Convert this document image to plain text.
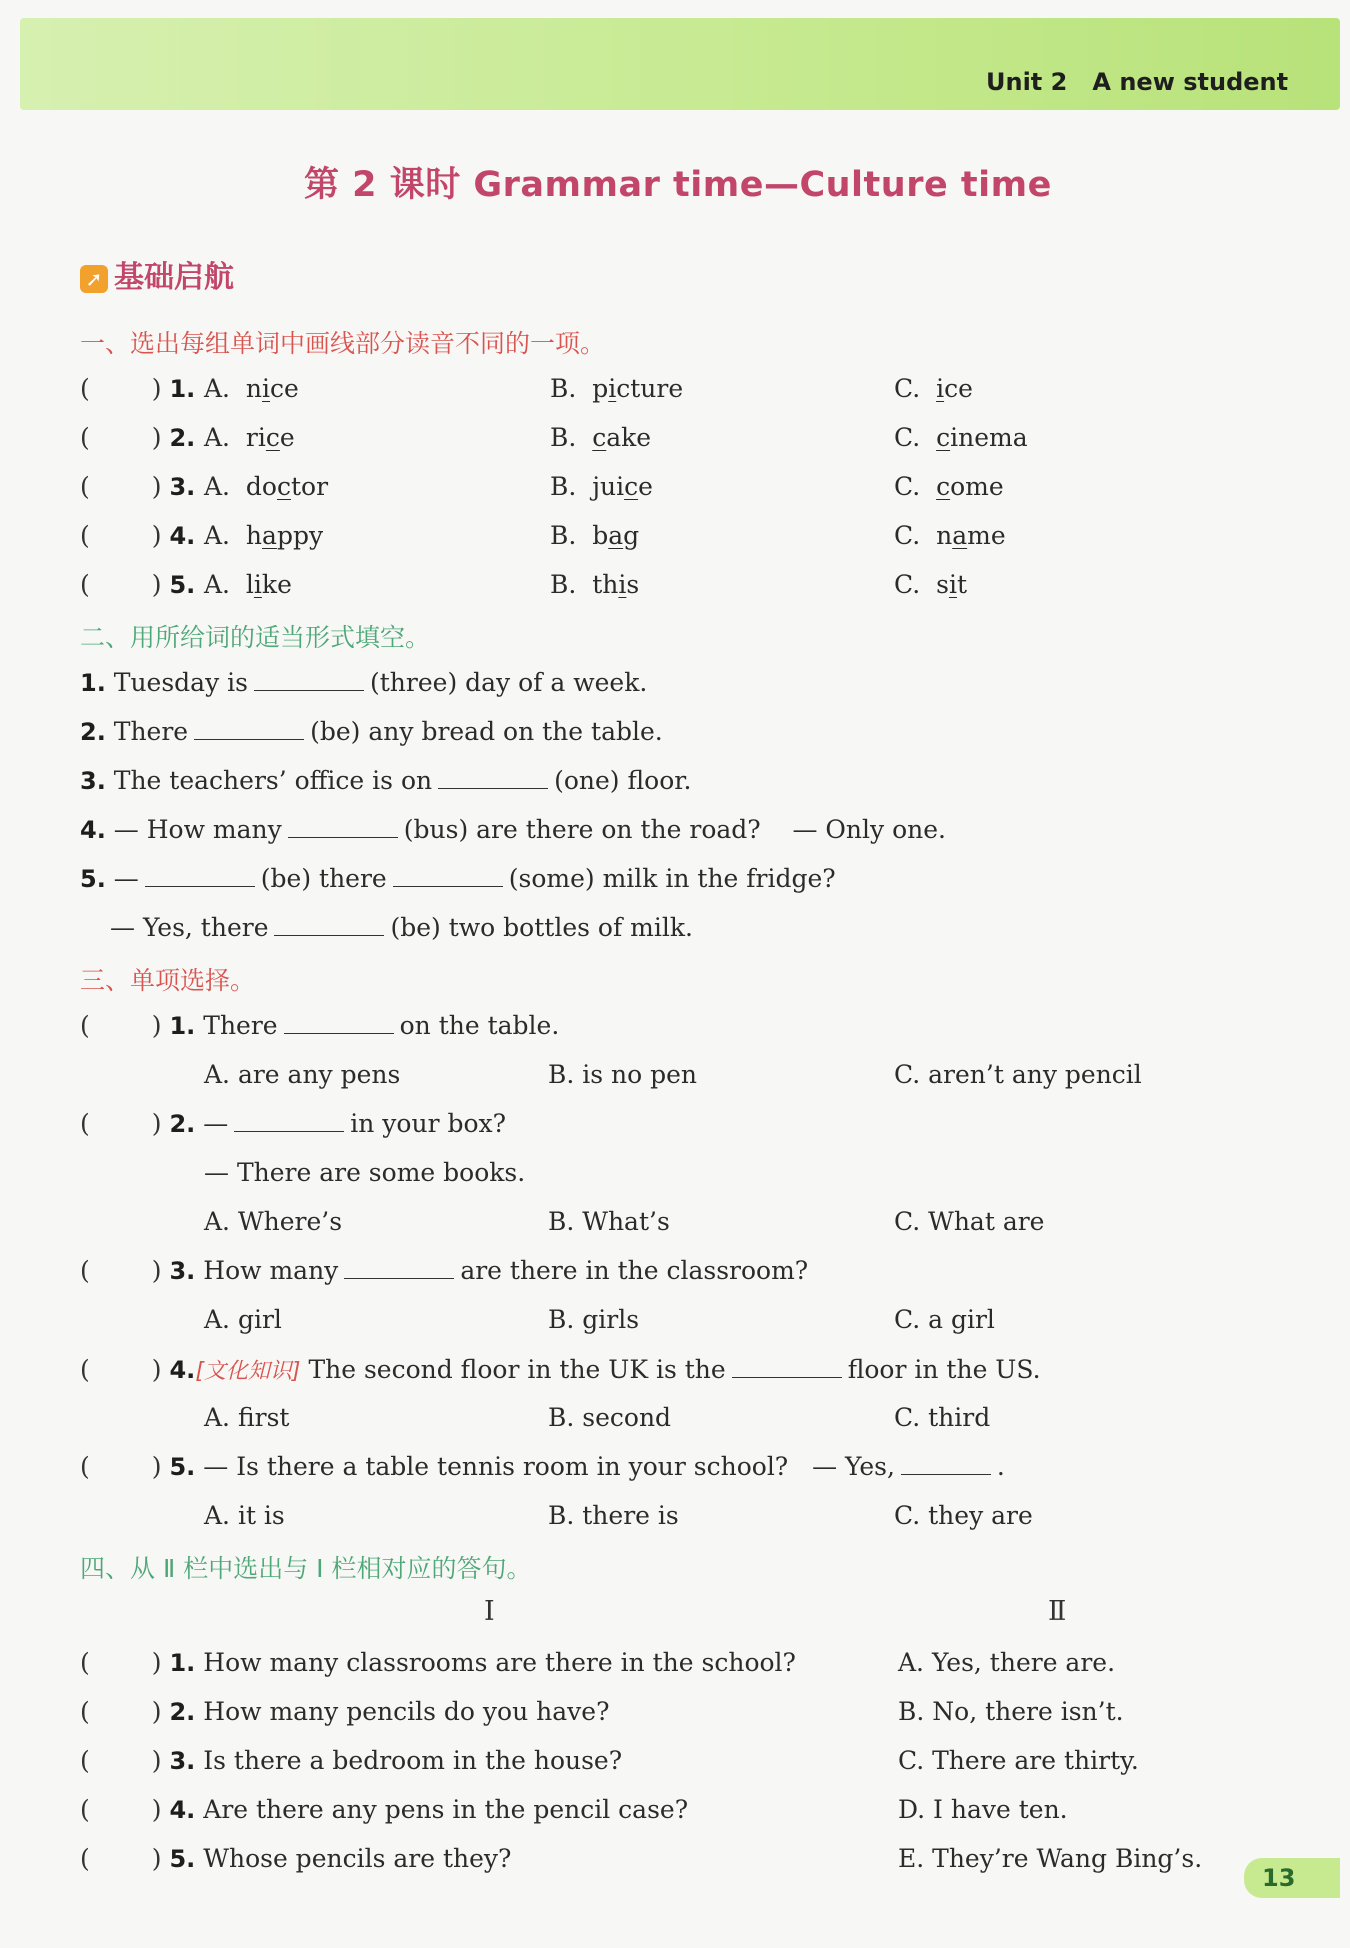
Unit 2 A new student
第 2 课时 Grammar time—Culture time
➚ 基础启航
一、选出每组单词中画线部分读音不同的一项。
( ) 1. A. nice	B. picture	C. ice
( ) 2. A. rice	B. cake	C. cinema
( ) 3. A. doctor	B. juice	C. come
( ) 4. A. happy	B. bag	C. name
( ) 5. A. like	B. this	C. sit
二、用所给词的适当形式填空。
1. Tuesday is	(three) day of a week.
2. There	(be) any bread on the table.
3. The teachers’ office is on	(one) floor.
4. — How many	(bus) are there on the road? — Only one.
5. —	(be) there	(some) milk in the fridge?
— Yes, there	(be) two bottles of milk.
三、单项选择。
( ) 1. There	on the table.
A. are any pens	B. is no pen	C. aren’t any pencil
( ) 2. —	in your box?
— There are some books.
A. Where’s	B. What’s	C. What are
( ) 3. How many	are there in the classroom?
A. girl	B. girls	C. a girl
( ) 4.[文化知识] The second floor in the UK is the	floor in the US.
A. first	B. second	C. third
( ) 5. — Is there a table tennis room in your school? — Yes,	.
A. it is	B. there is	C. they are
四、从 Ⅱ 栏中选出与 Ⅰ 栏相对应的答句。
Ⅰ	Ⅱ
( ) 1. How many classrooms are there in the school?	A. Yes, there are.
( ) 2. How many pencils do you have?	B. No, there isn’t.
( ) 3. Is there a bedroom in the house?	C. There are thirty.
( ) 4. Are there any pens in the pencil case?	D. I have ten.
( ) 5. Whose pencils are they?	E. They’re Wang Bing’s.
13
